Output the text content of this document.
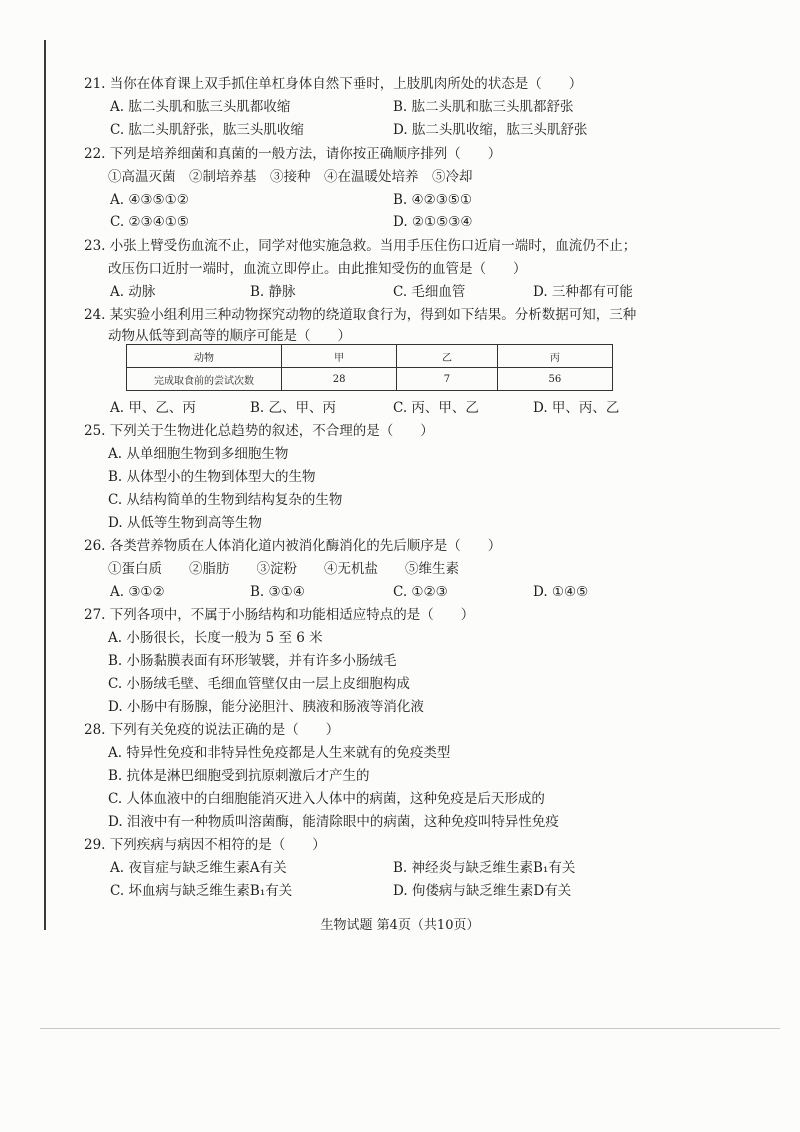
21. 当你在体育课上双手抓住单杠身体自然下垂时，上肢肌肉所处的状态是（　　）
A. 肱二头肌和肱三头肌都收缩	B. 肱二头肌和肱三头肌都舒张
C. 肱二头肌舒张，肱三头肌收缩	D. 肱二头肌收缩，肱三头肌舒张
22. 下列是培养细菌和真菌的一般方法，请你按正确顺序排列（　　）
①高温灭菌　②制培养基　③接种　④在温暖处培养　⑤冷却
A. ④③⑤①②	B. ④②③⑤①
C. ②③④①⑤	D. ②①⑤③④
23. 小张上臂受伤血流不止，同学对他实施急救。当用手压住伤口近肩一端时，血流仍不止；
改压伤口近肘一端时，血流立即停止。由此推知受伤的血管是（　　）
A. 动脉	B. 静脉	C. 毛细血管	D. 三种都有可能
24. 某实验小组利用三种动物探究动物的绕道取食行为，得到如下结果。分析数据可知，三种
动物从低等到高等的顺序可能是（　　）
动物	甲	乙	丙
完成取食前的尝试次数	28	7	56
A. 甲、乙、丙	B. 乙、甲、丙	C. 丙、甲、乙	D. 甲、丙、乙
25. 下列关于生物进化总趋势的叙述，不合理的是（　　）
A. 从单细胞生物到多细胞生物
B. 从体型小的生物到体型大的生物
C. 从结构简单的生物到结构复杂的生物
D. 从低等生物到高等生物
26. 各类营养物质在人体消化道内被消化酶消化的先后顺序是（　　）
①蛋白质　　②脂肪　　③淀粉　　④无机盐　　⑤维生素
A. ③①②	B. ③①④	C. ①②③	D. ①④⑤
27. 下列各项中，不属于小肠结构和功能相适应特点的是（　　）
A. 小肠很长，长度一般为 5 至 6 米
B. 小肠黏膜表面有环形皱襞，并有许多小肠绒毛
C. 小肠绒毛壁、毛细血管壁仅由一层上皮细胞构成
D. 小肠中有肠腺，能分泌胆汁、胰液和肠液等消化液
28. 下列有关免疫的说法正确的是（　　）
A. 特异性免疫和非特异性免疫都是人生来就有的免疫类型
B. 抗体是淋巴细胞受到抗原刺激后才产生的
C. 人体血液中的白细胞能消灭进入人体中的病菌，这种免疫是后天形成的
D. 泪液中有一种物质叫溶菌酶，能清除眼中的病菌，这种免疫叫特异性免疫
29. 下列疾病与病因不相符的是（　　）
A. 夜盲症与缺乏维生素A有关	B. 神经炎与缺乏维生素B₁有关
C. 坏血病与缺乏维生素B₁有关	D. 佝偻病与缺乏维生素D有关
生物试题 第4页（共10页）
